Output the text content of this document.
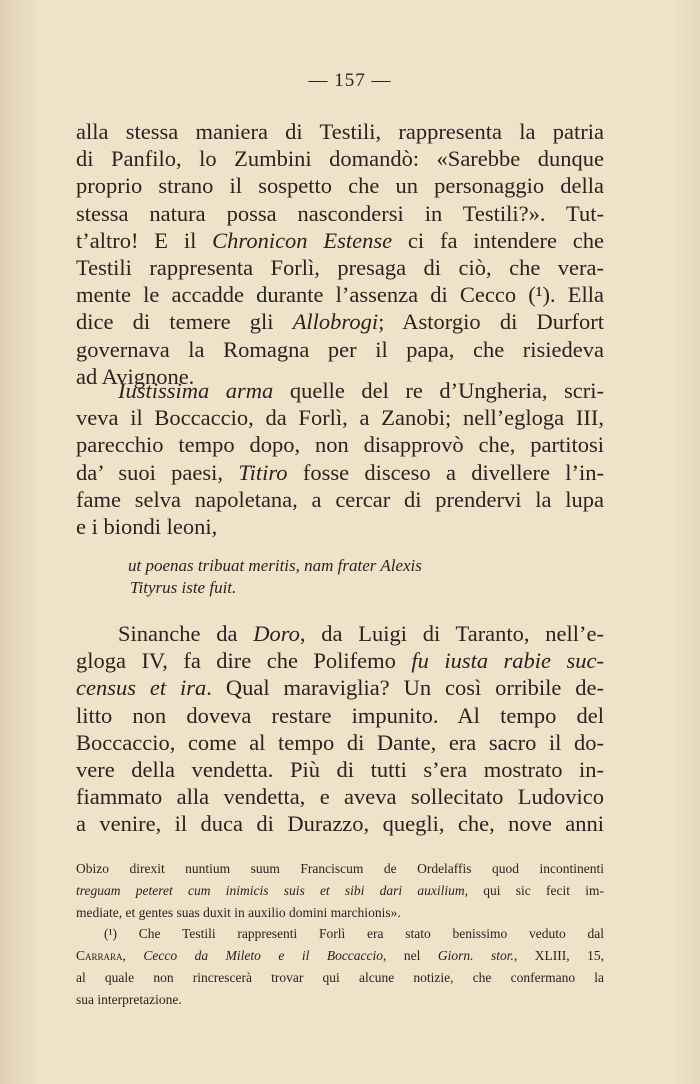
— 157 —

alla stessa maniera di Testili, rappresenta la patria
di Panfilo, lo Zumbini domandò: «Sarebbe dunque
proprio strano il sospetto che un personaggio della
stessa natura possa nascondersi in Testili?». Tut-
t’altro! E il Chronicon Estense ci fa intendere che
Testili rappresenta Forlì, presaga di ciò, che vera-
mente le accadde durante l’assenza di Cecco (¹). Ella
dice di temere gli Allobrogi; Astorgio di Durfort
governava la Romagna per il papa, che risiedeva
ad Avignone.

Iustissima arma quelle del re d’Ungheria, scri-
veva il Boccaccio, da Forlì, a Zanobi; nell’egloga III,
parecchio tempo dopo, non disapprovò che, partitosi
da’ suoi paesi, Titiro fosse disceso a divellere l’in-
fame selva napoletana, a cercar di prendervi la lupa
e i biondi leoni,

ut poenas tribuat meritis, nam frater Alexis
Tityrus iste fuit.

Sinanche da Doro, da Luigi di Taranto, nell’e-
gloga IV, fa dire che Polifemo fu iusta rabie suc-
census et ira. Qual maraviglia? Un così orribile de-
litto non doveva restare impunito. Al tempo del
Boccaccio, come al tempo di Dante, era sacro il do-
vere della vendetta. Più di tutti s’era mostrato in-
fiammato alla vendetta, e aveva sollecitato Ludovico
a venire, il duca di Durazzo, quegli, che, nove anni

Obizo direxit nuntium suum Franciscum de Ordelaffis quod incontinenti
treguam peteret cum inimicis suis et sibi dari auxilium, qui sic fecit im-
mediate, et gentes suas duxit in auxilio domini marchionis».
(¹) Che Testili rappresenti Forlì era stato benissimo veduto dal
Carrara, Cecco da Mileto e il Boccaccio, nel Giorn. stor., XLIII, 15,
al quale non rincrescerà trovar qui alcune notizie, che confermano la
sua interpretazione.
